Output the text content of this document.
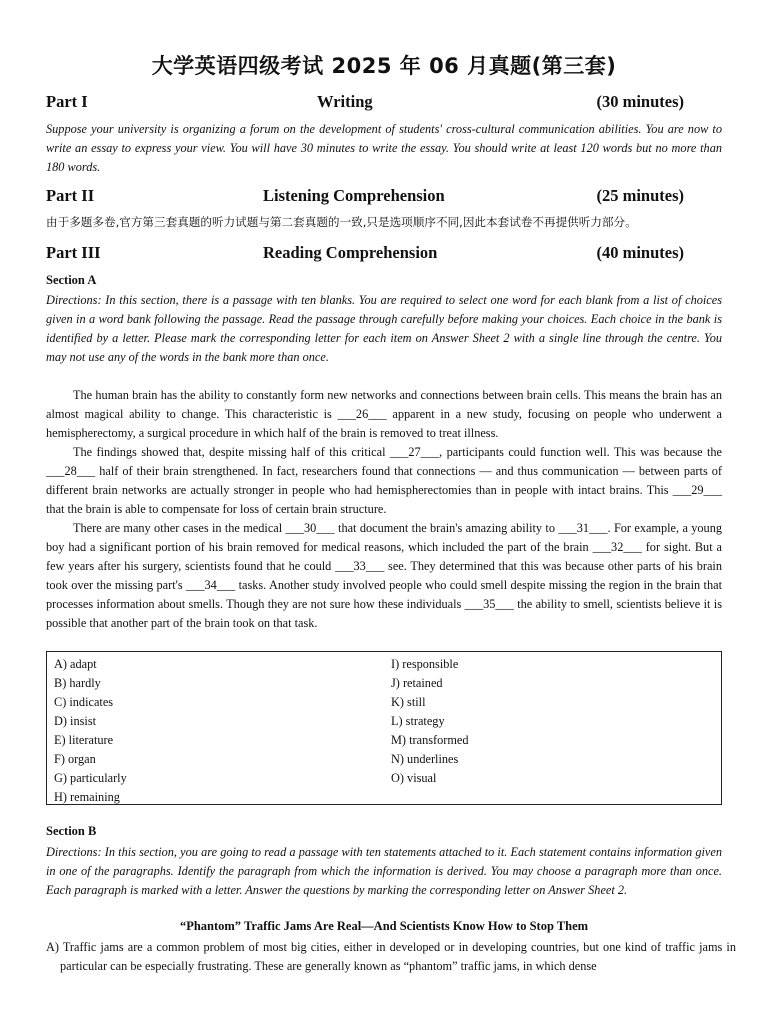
大学英语四级考试 2025 年 06 月真题(第三套)
Part I	Writing	(30 minutes)
Suppose your university is organizing a forum on the development of students' cross-cultural communication abilities. You are now to write an essay to express your view. You will have 30 minutes to write the essay. You should write at least 120 words but no more than 180 words.
Part II	Listening Comprehension	(25 minutes)
由于多题多卷,官方第三套真题的听力试题与第二套真题的一致,只是选项顺序不同,因此本套试卷不再提供听力部分。
Part III	Reading Comprehension	(40 minutes)
Section A
Directions: In this section, there is a passage with ten blanks. You are required to select one word for each blank from a list of choices given in a word bank following the passage. Read the passage through carefully before making your choices. Each choice in the bank is identified by a letter. Please mark the corresponding letter for each item on Answer Sheet 2 with a single line through the centre. You may not use any of the words in the bank more than once.
The human brain has the ability to constantly form new networks and connections between brain cells. This means the brain has an almost magical ability to change. This characteristic is ___26___ apparent in a new study, focusing on people who underwent a hemispherectomy, a surgical procedure in which half of the brain is removed to treat illness.
The findings showed that, despite missing half of this critical ___27___, participants could function well. This was because the ___28___ half of their brain strengthened. In fact, researchers found that connections — and thus communication — between parts of different brain networks are actually stronger in people who had hemispherectomies than in people with intact brains. This ___29___ that the brain is able to compensate for loss of certain brain structure.
There are many other cases in the medical ___30___ that document the brain's amazing ability to ___31___. For example, a young boy had a significant portion of his brain removed for medical reasons, which included the part of the brain ___32___ for sight. But a few years after his surgery, scientists found that he could ___33___ see. They determined that this was because other parts of his brain took over the missing part's ___34___ tasks. Another study involved people who could smell despite missing the region in the brain that processes information about smells. Though they are not sure how these individuals ___35___ the ability to smell, scientists believe it is possible that another part of the brain took on that task.
A) adapt
B) hardly
C) indicates
D) insist
E) literature
F) organ
G) particularly
H) remaining
I) responsible
J) retained
K) still
L) strategy
M) transformed
N) underlines
O) visual
Section B
Directions: In this section, you are going to read a passage with ten statements attached to it. Each statement contains information given in one of the paragraphs. Identify the paragraph from which the information is derived. You may choose a paragraph more than once. Each paragraph is marked with a letter. Answer the questions by marking the corresponding letter on Answer Sheet 2.
“Phantom” Traffic Jams Are Real—And Scientists Know How to Stop Them
A) Traffic jams are a common problem of most big cities, either in developed or in developing countries, but one kind of traffic jams in particular can be especially frustrating. These are generally known as “phantom” traffic jams, in which dense
